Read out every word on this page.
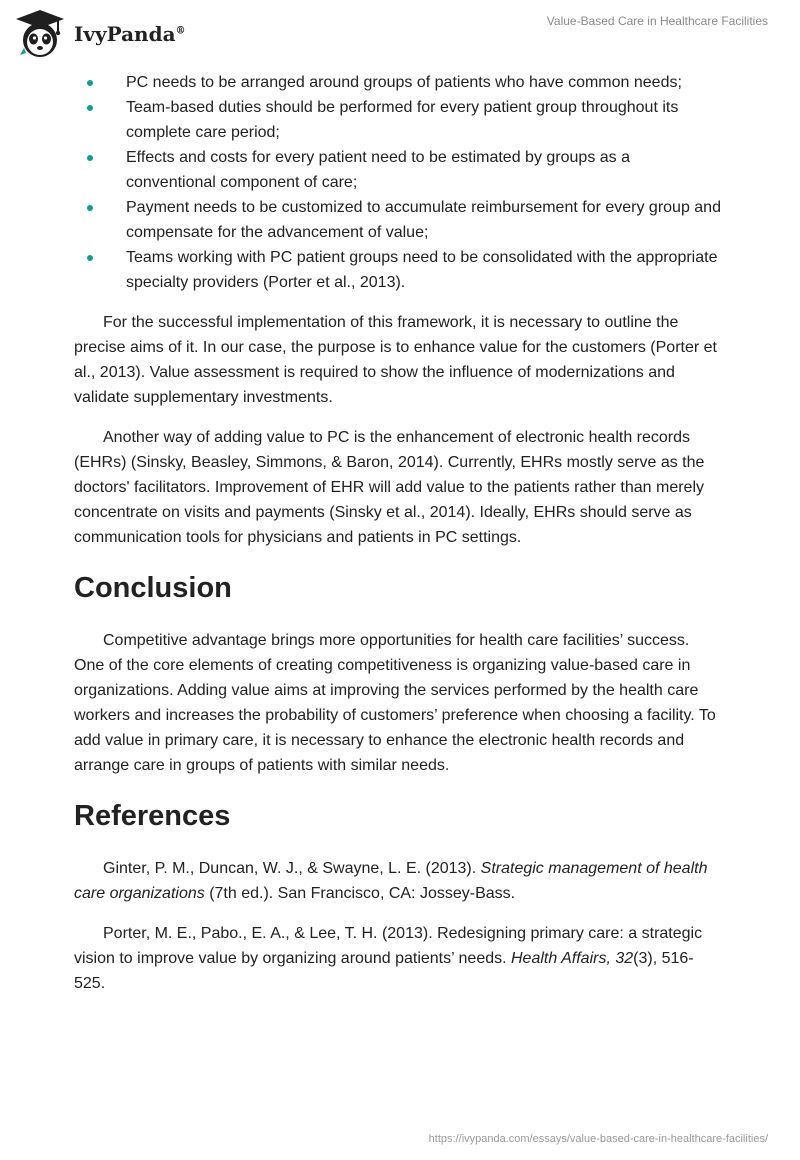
IvyPanda®
Value-Based Care in Healthcare Facilities
PC needs to be arranged around groups of patients who have common needs;
Team-based duties should be performed for every patient group throughout its complete care period;
Effects and costs for every patient need to be estimated by groups as a conventional component of care;
Payment needs to be customized to accumulate reimbursement for every group and compensate for the advancement of value;
Teams working with PC patient groups need to be consolidated with the appropriate specialty providers (Porter et al., 2013).

For the successful implementation of this framework, it is necessary to outline the precise aims of it. In our case, the purpose is to enhance value for the customers (Porter et al., 2013). Value assessment is required to show the influence of modernizations and validate supplementary investments.

Another way of adding value to PC is the enhancement of electronic health records (EHRs) (Sinsky, Beasley, Simmons, & Baron, 2014). Currently, EHRs mostly serve as the doctors' facilitators. Improvement of EHR will add value to the patients rather than merely concentrate on visits and payments (Sinsky et al., 2014). Ideally, EHRs should serve as communication tools for physicians and patients in PC settings.

Conclusion

Competitive advantage brings more opportunities for health care facilities’ success. One of the core elements of creating competitiveness is organizing value-based care in organizations. Adding value aims at improving the services performed by the health care workers and increases the probability of customers’ preference when choosing a facility. To add value in primary care, it is necessary to enhance the electronic health records and arrange care in groups of patients with similar needs.

References

Ginter, P. M., Duncan, W. J., & Swayne, L. E. (2013). Strategic management of health care organizations (7th ed.). San Francisco, CA: Jossey-Bass.

Porter, M. E., Pabo., E. A., & Lee, T. H. (2013). Redesigning primary care: a strategic vision to improve value by organizing around patients’ needs. Health Affairs, 32(3), 516-525.

https://ivypanda.com/essays/value-based-care-in-healthcare-facilities/
